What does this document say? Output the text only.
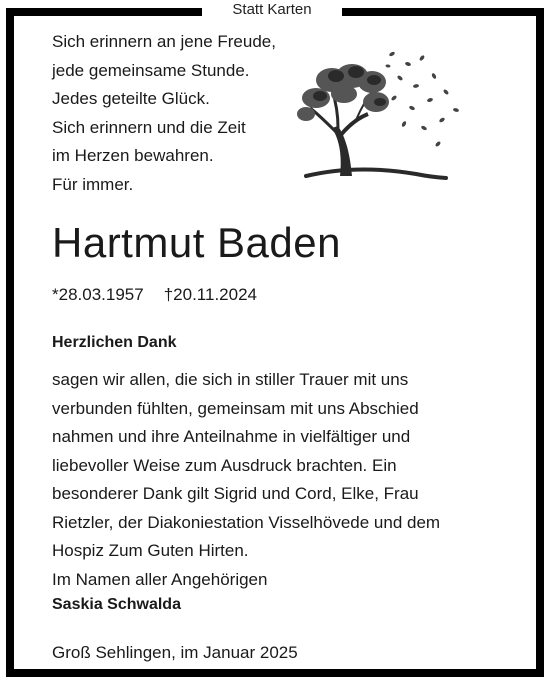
Statt Karten
Sich erinnern an jene Freude,
jede gemeinsame Stunde.
Jedes geteilte Glück.
Sich erinnern und die Zeit
im Herzen bewahren.
Für immer.
Hartmut Baden
*28.03.1957 †20.11.2024
Herzlichen Dank
sagen wir allen, die sich in stiller Trauer mit uns
verbunden fühlten, gemeinsam mit uns Abschied
nahmen und ihre Anteilnahme in vielfältiger und
liebevoller Weise zum Ausdruck brachten. Ein
besonderer Dank gilt Sigrid und Cord, Elke, Frau
Rietzler, der Diakoniestation Visselhövede und dem
Hospiz Zum Guten Hirten.
Im Namen aller Angehörigen
Saskia Schwalda
Groß Sehlingen, im Januar 2025
